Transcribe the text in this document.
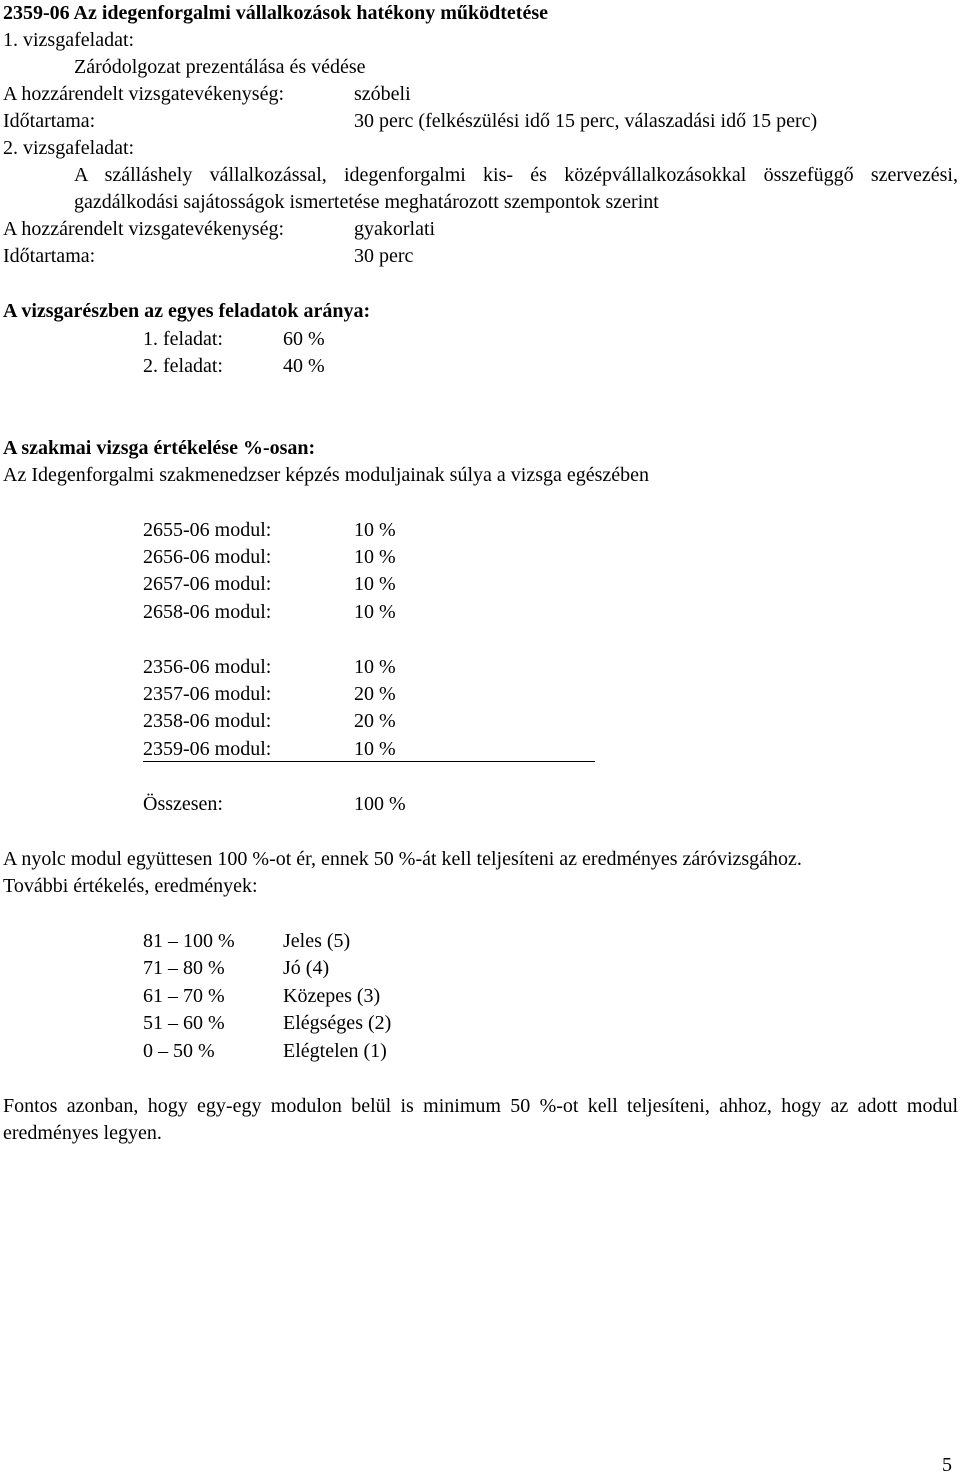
2359-06 Az idegenforgalmi vállalkozások hatékony működtetése
1. vizsgafeladat:
Záródolgozat prezentálása és védése
A hozzárendelt vizsgatevékenység:	szóbeli
Időtartama:	30 perc (felkészülési idő 15 perc, válaszadási idő 15 perc)
2. vizsgafeladat:
A szálláshely vállalkozással, idegenforgalmi kis- és középvállalkozásokkal összefüggő szervezési, gazdálkodási sajátosságok ismertetése meghatározott szempontok szerint
A hozzárendelt vizsgatevékenység:	gyakorlati
Időtartama:	30 perc
A vizsgarészben az egyes feladatok aránya:
1. feladat:	60 %
2. feladat:	40 %
A szakmai vizsga értékelése %-osan:
Az Idegenforgalmi szakmenedzser képzés moduljainak súlya a vizsga egészében
2655-06 modul:	10 %
2656-06 modul:	10 %
2657-06 modul:	10 %
2658-06 modul:	10 %
2356-06 modul:	10 %
2357-06 modul:	20 %
2358-06 modul:	20 %
2359-06 modul:	10 %
Összesen:	100 %
A nyolc modul együttesen 100 %-ot ér, ennek 50 %-át kell teljesíteni az eredményes záróvizsgához.
További értékelés, eredmények:
81 – 100 % Jeles (5)
71 – 80 %	Jó (4)
61 – 70 %	Közepes (3)
51 – 60 %	Elégséges (2)
0 – 50 %	Elégtelen (1)
Fontos azonban, hogy egy-egy modulon belül is minimum 50 %-ot kell teljesíteni, ahhoz, hogy az adott modul eredményes legyen.
5
